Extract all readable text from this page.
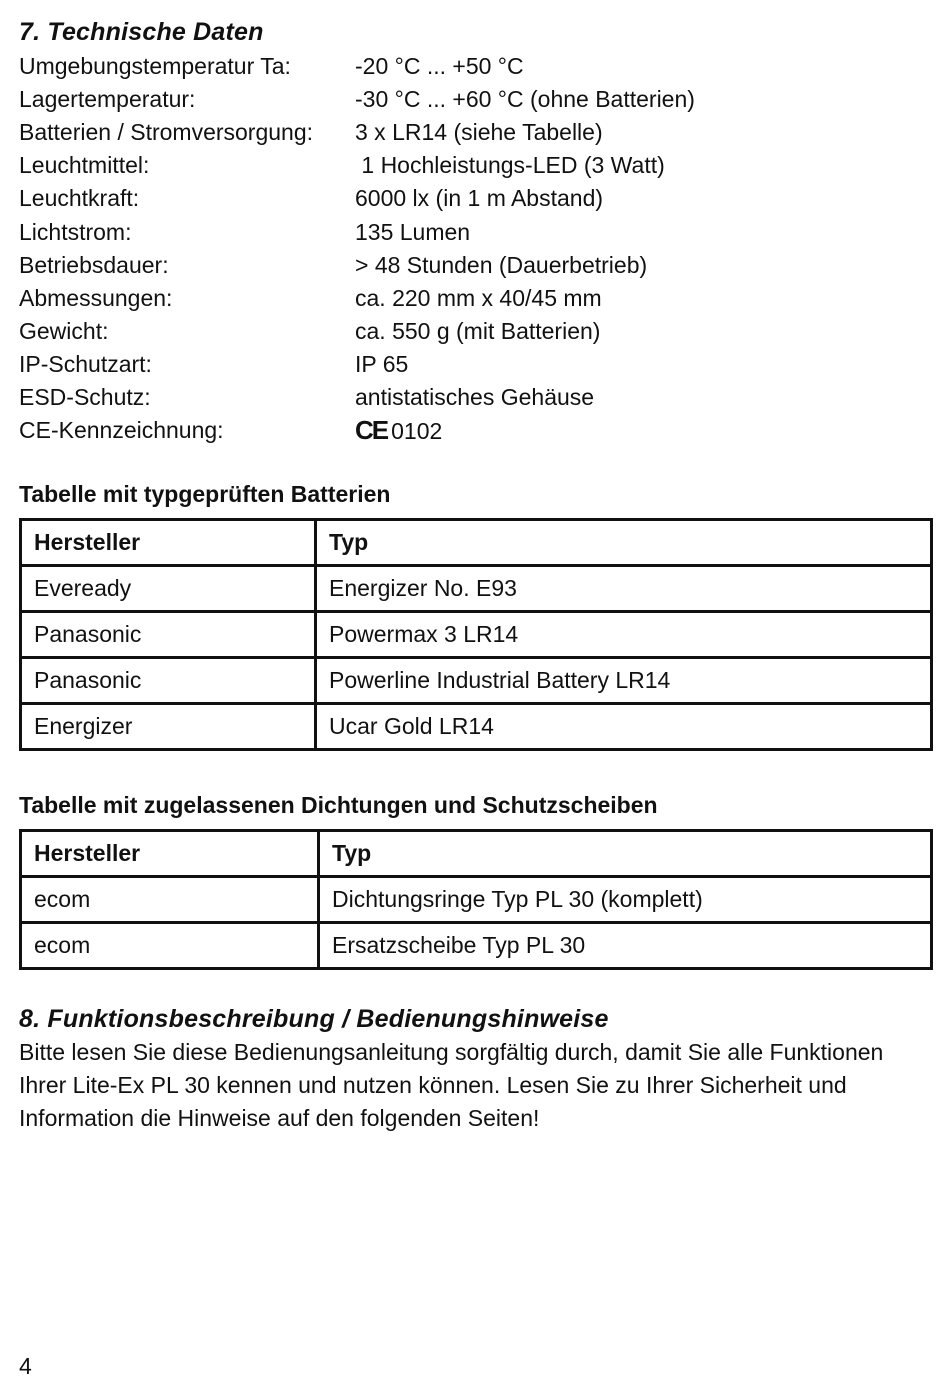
7. Technische Daten
Umgebungstemperatur Ta:	-20 °C ... +50 °C
Lagertemperatur:	-30 °C ... +60 °C (ohne Batterien)
Batterien / Stromversorgung:	3 x LR14 (siehe Tabelle)
Leuchtmittel:	1 Hochleistungs-LED (3 Watt)
Leuchtkraft:	6000 lx (in 1 m Abstand)
Lichtstrom:	135 Lumen
Betriebsdauer:	> 48 Stunden (Dauerbetrieb)
Abmessungen:	ca. 220 mm x 40/45 mm
Gewicht:	ca. 550 g (mit Batterien)
IP-Schutzart:	IP 65
ESD-Schutz:	antistatisches Gehäuse
CE-Kennzeichnung:	CE 0102
Tabelle mit typgeprüften Batterien
Hersteller	Typ
Eveready	Energizer No. E93
Panasonic	Powermax 3 LR14
Panasonic	Powerline Industrial Battery LR14
Energizer	Ucar Gold LR14
Tabelle mit zugelassenen Dichtungen und Schutzscheiben
Hersteller	Typ
ecom	Dichtungsringe Typ PL 30 (komplett)
ecom	Ersatzscheibe Typ PL 30
8. Funktionsbeschreibung / Bedienungshinweise

Bitte lesen Sie diese Bedienungsanleitung sorgfältig durch, damit Sie alle Funktionen
Ihrer Lite-Ex PL 30 kennen und nutzen können. Lesen Sie zu Ihrer Sicherheit und
Information die Hinweise auf den folgenden Seiten!

4
